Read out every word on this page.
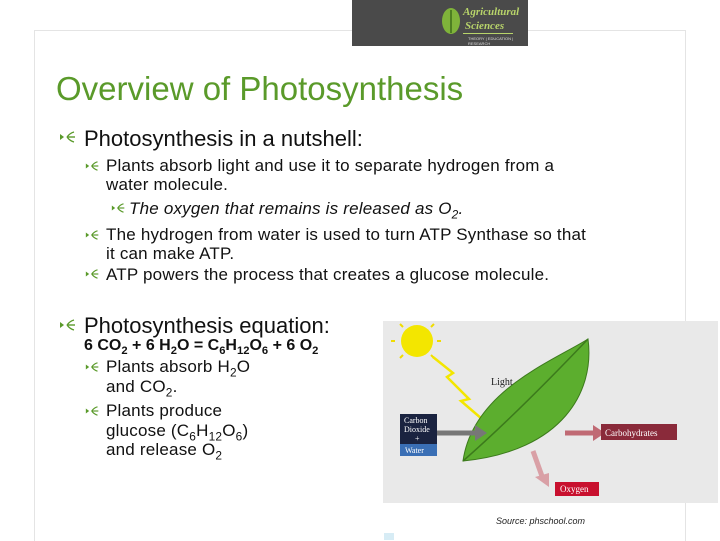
Agricultural
Sciences
THEORY | EDUCATION | RESEARCH
Overview of Photosynthesis
Photosynthesis in a nutshell:
Plants absorb light and use it to separate hydrogen from a
water molecule.
The oxygen that remains is released as $O_2$.
The hydrogen from water is used to turn ATP Synthase so that
it can make ATP.
ATP powers the process that creates a glucose molecule.
Photosynthesis equation:
6 $CO_2 + 6$ $H_2O = C_6H_{12}O_6 + 6$ $O_2$
Plants absorb $H_2O$
and $CO_2$.
Plants produce
glucose $(C_6H_{12}O_6)$
and release $O_2$
Light
Carbon
Dioxide
+
Water
Carbohydrates
Oxygen
Source: phschool.com
